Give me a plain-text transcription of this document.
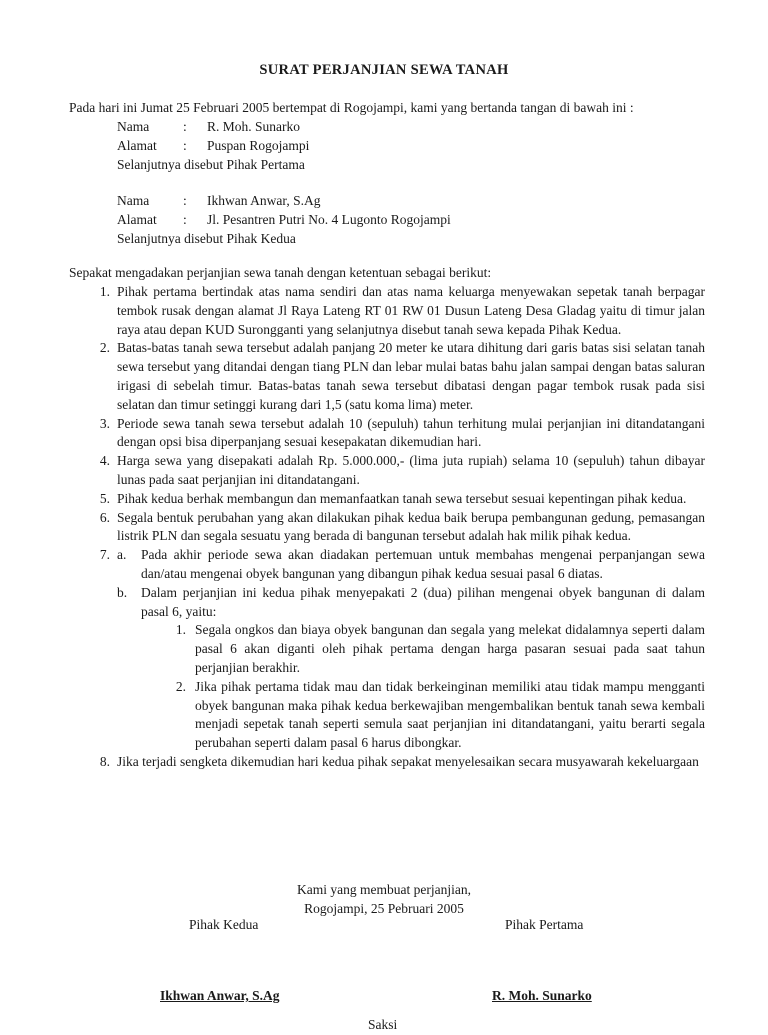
SURAT PERJANJIAN SEWA TANAH
Pada hari ini Jumat 25 Februari 2005 bertempat di Rogojampi, kami yang bertanda tangan di bawah ini :
Nama	: R. Moh. Sunarko
Alamat : Puspan Rogojampi
Selanjutnya disebut Pihak Pertama
Nama	: Ikhwan Anwar, S.Ag
Alamat : Jl. Pesantren Putri No. 4 Lugonto Rogojampi
Selanjutnya disebut Pihak Kedua
Sepakat mengadakan perjanjian sewa tanah dengan ketentuan sebagai berikut:
1. Pihak pertama bertindak atas nama sendiri dan atas nama keluarga menyewakan sepetak tanah berpagar tembok rusak dengan alamat Jl Raya Lateng RT 01 RW 01 Dusun Lateng Desa Gladag yaitu di timur jalan raya atau depan KUD Surongganti yang selanjutnya disebut tanah sewa kepada Pihak Kedua.
2. Batas-batas tanah sewa tersebut adalah panjang 20 meter ke utara dihitung dari garis batas sisi selatan tanah sewa tersebut yang ditandai dengan tiang PLN dan lebar mulai batas bahu jalan sampai dengan batas saluran irigasi di sebelah timur. Batas-batas tanah sewa tersebut dibatasi dengan pagar tembok rusak pada sisi selatan dan timur setinggi kurang dari 1,5 (satu koma lima) meter.
3. Periode sewa tanah sewa tersebut adalah 10 (sepuluh) tahun terhitung mulai perjanjian ini ditandatangani dengan opsi bisa diperpanjang sesuai kesepakatan dikemudian hari.
4. Harga sewa yang disepakati adalah Rp. 5.000.000,- (lima juta rupiah) selama 10 (sepuluh) tahun dibayar lunas pada saat perjanjian ini ditandatangani.
5. Pihak kedua berhak membangun dan memanfaatkan tanah sewa tersebut sesuai kepentingan pihak kedua.
6. Segala bentuk perubahan yang akan dilakukan pihak kedua baik berupa pembangunan gedung, pemasangan listrik PLN dan segala sesuatu yang berada di bangunan tersebut adalah hak milik pihak kedua.
7. a.	Pada akhir periode sewa akan diadakan pertemuan untuk membahas mengenai perpanjangan sewa dan/atau mengenai obyek bangunan yang dibangun pihak kedua sesuai pasal 6 diatas.
b.	Dalam perjanjian ini kedua pihak menyepakati 2 (dua) pilihan mengenai obyek bangunan di dalam pasal 6, yaitu:
1. Segala ongkos dan biaya obyek bangunan dan segala yang melekat didalamnya seperti dalam pasal 6 akan diganti oleh pihak pertama dengan harga pasaran sesuai pada saat tahun perjanjian berakhir.
2. Jika pihak pertama tidak mau dan tidak berkeinginan memiliki atau tidak mampu mengganti obyek bangunan maka pihak kedua berkewajiban mengembalikan bentuk tanah sewa kembali menjadi sepetak tanah seperti semula saat perjanjian ini ditandatangani, yaitu berarti segala perubahan seperti dalam pasal 6 harus dibongkar.
8. Jika terjadi sengketa dikemudian hari kedua pihak sepakat menyelesaikan secara musyawarah kekeluargaan
Kami yang membuat perjanjian,
Rogojampi, 25 Pebruari 2005
Pihak Kedua	Pihak Pertama
Ikhwan Anwar, S.Ag	R. Moh. Sunarko
Saksi
